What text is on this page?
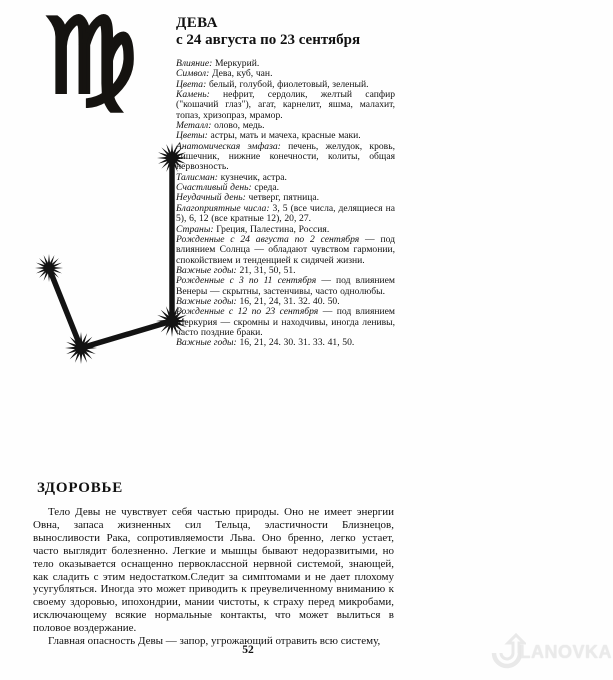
♍	ДЕВА
с 24 августа по 23 сентября

Влияние: Меркурий.

Символ: Дева, куб, чан.

Цвета: белый, голубой, фиолетовый, зеленый.

Камень: нефрит, сердолик, желтый сапфир ("кошачий глаз"), агат, карнелит, яшма, малахит, топаз, хризопраз, мрамор.

Металл: олово, медь.

Цветы: астры, мать и мачеха, красные маки.

Анатомическая эмфаза: печень, желудок, кровь, кишечник, нижние конечности, колиты, общая нервозность.

Талисман: кузнечик, астра.

Счастливый день: среда.

Неудачный день: четверг, пятница.

Благоприятные числа: 3, 5 (все числа, делящиеся на 5), 6, 12 (все кратные 12), 20, 27.

Страны: Греция, Палестина, Россия.

Рожденные с 24 августа по 2 сентября — под влиянием Солнца — обладают чувством гармонии, спокойствием и тенденцией к сидячей жизни.

Важные годы: 21, 31, 50, 51.

Рожденные с 3 по 11 сентября — под влиянием Венеры — скрытны, застенчивы, часто однолюбы.

Важные годы: 16, 21, 24, 31. 32. 40. 50.

Рожденные с 12 по 23 сентября — под влиянием Меркурия — скромны и находчивы, иногда ленивы, часто поздние браки.

Важные годы: 16, 21, 24. 30. 31. 33. 41, 50.

ЗДОРОВЬЕ

Тело Девы не чувствует себя частью природы. Оно не имеет энергии Овна, запаса жизненных сил Тельца, эластичности Близнецов, выносливости Рака, сопротивляемости Льва. Оно бренно, легко устает, часто выглядит болезненно. Легкие и мышцы бывают недоразвитыми, но тело оказывается оснащенно первоклассной нервной системой, знающей, как сладить с этим недостатком.Следит за симптомами и не дает плохому усугубляться. Иногда это может приводить к преувеличенному вниманию к своему здоровью, ипохондрии, мании чистоты, к страху перед микробами, исключающему всякие нормальные контакты, что может вылиться в половое воздержание.

Главная опасность Девы — запор, угрожающий отравить всю систему,

52	LANOVKA
